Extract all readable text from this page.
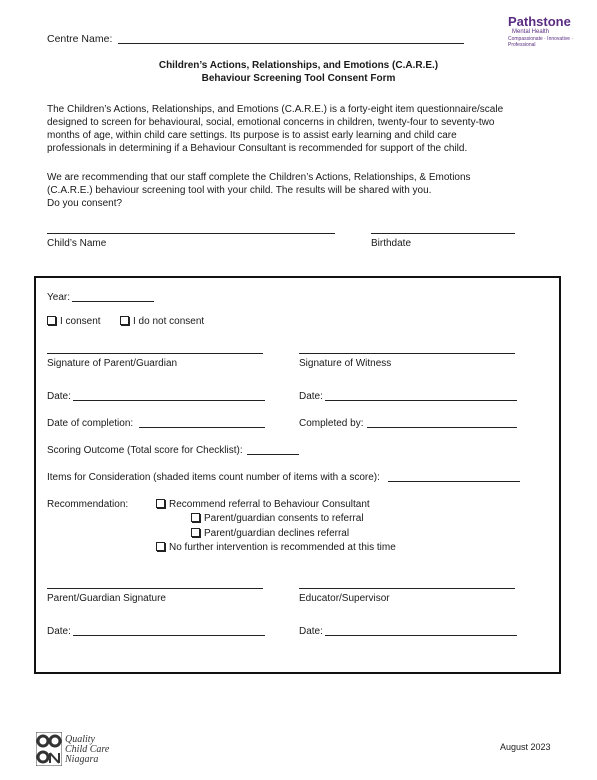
Centre Name:
Pathstone
Mental Health
Compassionate · Innovative · Professional
Children’s Actions, Relationships, and Emotions (C.A.R.E.)
Behaviour Screening Tool Consent Form
The Children’s Actions, Relationships, and Emotions (C.A.R.E.) is a forty-eight item questionnaire/scale
designed to screen for behavioural, social, emotional concerns in children, twenty-four to seventy-two
months of age, within child care settings. Its purpose is to assist early learning and child care
professionals in determining if a Behaviour Consultant is recommended for support of the child.
We are recommending that our staff complete the Children’s Actions, Relationships, & Emotions
(C.A.R.E.) behaviour screening tool with your child. The results will be shared with you.
Do you consent?
Child’s Name	Birthdate
Year:
I consent	I do not consent
Signature of Parent/Guardian	Signature of Witness
Date:	Date:
Date of completion:	Completed by:
Scoring Outcome (Total score for Checklist):
Items for Consideration (shaded items count number of items with a score):
Recommendation:	Recommend referral to Behaviour Consultant
Parent/guardian consents to referral
Parent/guardian declines referral
No further intervention is recommended at this time
Parent/Guardian Signature	Educator/Supervisor
Date:	Date:
Quality
Child Care
Niagara
August 2023
